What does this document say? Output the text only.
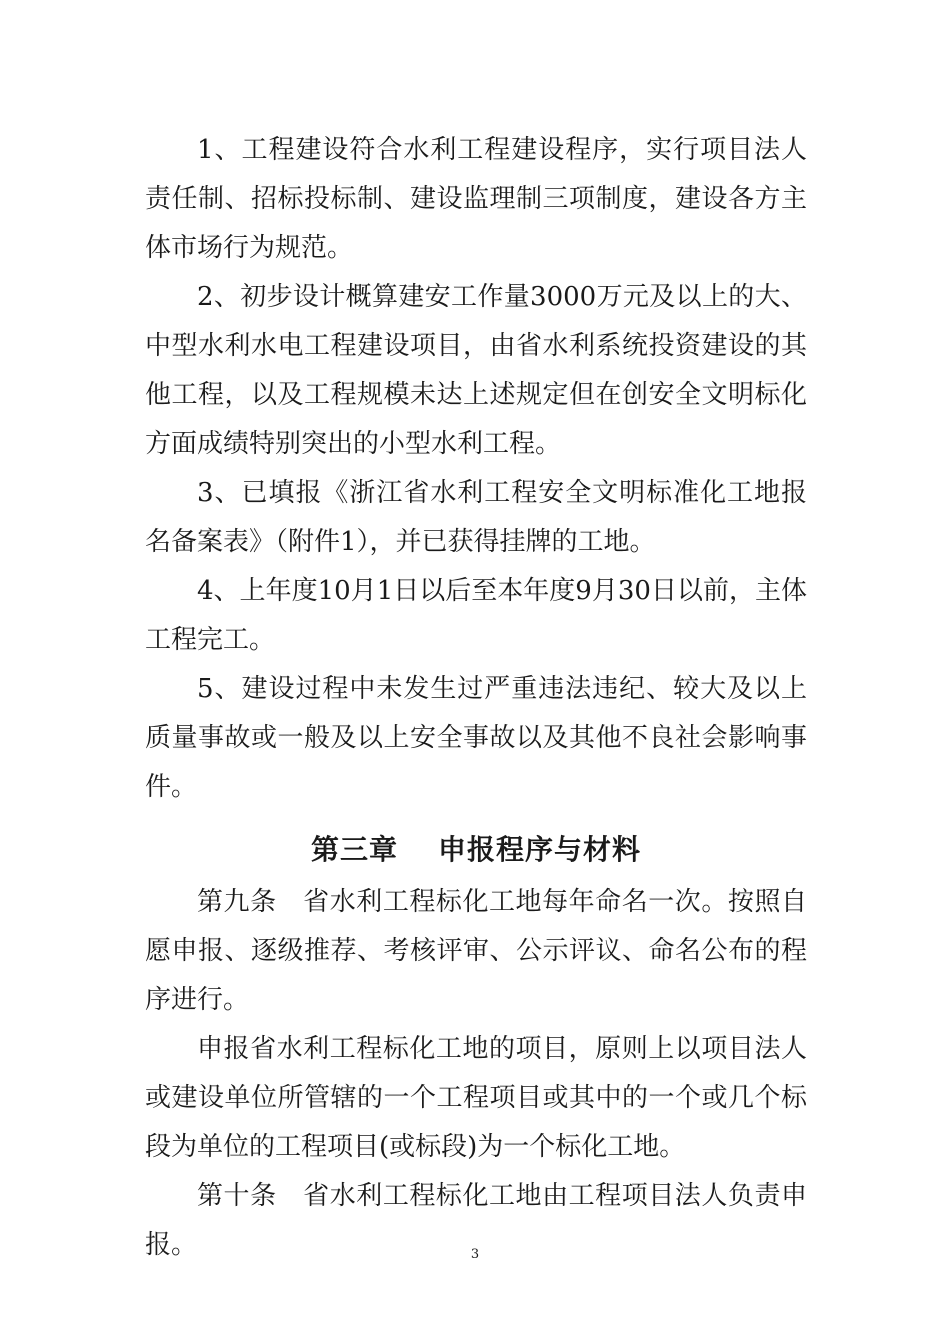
1、工程建设符合水利工程建设程序，实行项目法人责任制、招标投标制、建设监理制三项制度，建设各方主体市场行为规范。

2、初步设计概算建安工作量3000万元及以上的大、中型水利水电工程建设项目，由省水利系统投资建设的其他工程，以及工程规模未达上述规定但在创安全文明标化方面成绩特别突出的小型水利工程。

3、已填报《浙江省水利工程安全文明标准化工地报名备案表》（附件1），并已获得挂牌的工地。

4、上年度10月1日以后至本年度9月30日以前，主体工程完工。

5、建设过程中未发生过严重违法违纪、较大及以上质量事故或一般及以上安全事故以及其他不良社会影响事件。

第三章 申报程序与材料

第九条　省水利工程标化工地每年命名一次。按照自愿申报、逐级推荐、考核评审、公示评议、命名公布的程序进行。

申报省水利工程标化工地的项目，原则上以项目法人或建设单位所管辖的一个工程项目或其中的一个或几个标段为单位的工程项目(或标段)为一个标化工地。

第十条　省水利工程标化工地由工程项目法人负责申报。	3
